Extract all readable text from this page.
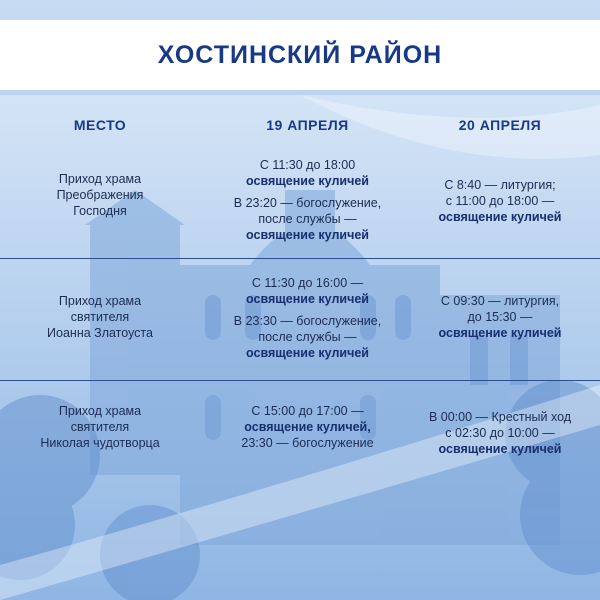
ХОСТИНСКИЙ РАЙОН
МЕСТО	19 АПРЕЛЯ	20 АПРЕЛЯ
Приход храма
Преображения
Господня
С 11:30 до 18:00
освящение куличей
В 23:20 — богослужение,
после службы —
освящение куличей
С 8:40 — литургия;
с 11:00 до 18:00 —
освящение куличей
Приход храма
святителя
Иоанна Златоуста
С 11:30 до 16:00 —
освящение куличей
В 23:30 — богослужение,
после службы —
освящение куличей
С 09:30 — литургия,
до 15:30 —
освящение куличей
Приход храма
святителя
Николая чудотворца
С 15:00 до 17:00 —
освящение куличей,
23:30 — богослужение
В 00:00 — Крестный ход
с 02:30 до 10:00 —
освящение куличей
